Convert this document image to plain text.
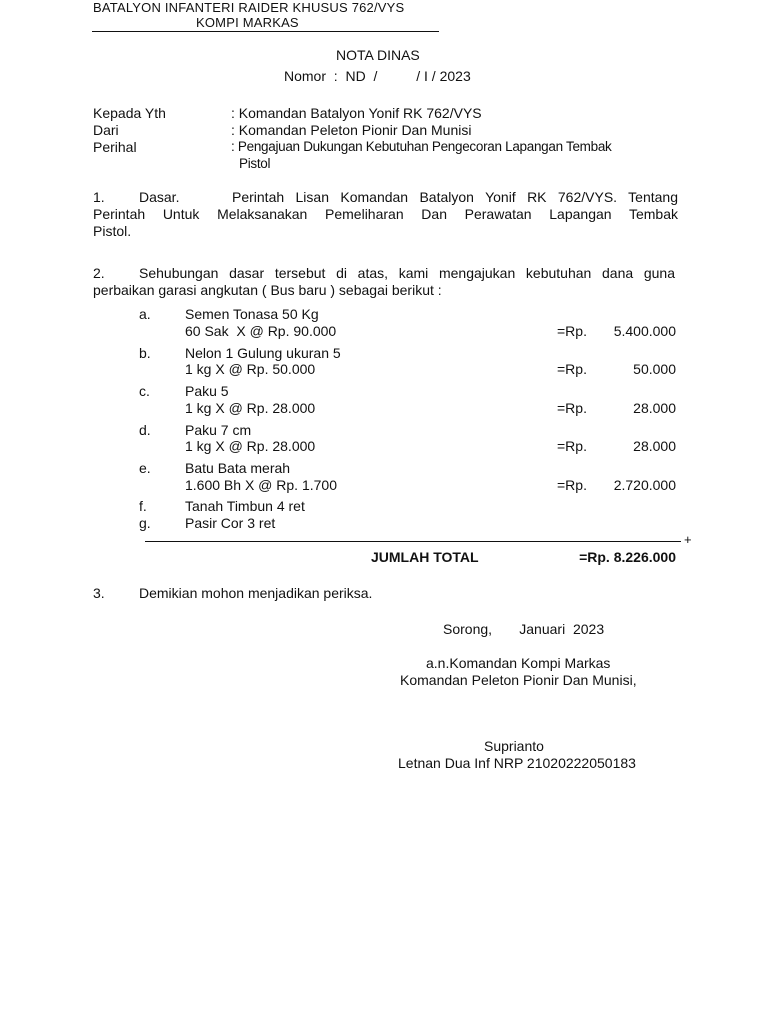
BATALYON INFANTERI RAIDER KHUSUS 762/VYS
KOMPI MARKAS
NOTA DINAS
Nomor  :  ND  /          / I / 2023
Kepada Yth	: Komandan Batalyon Yonif RK 762/VYS
Dari	: Komandan Peleton Pionir Dan Munisi
Perihal	: Pengajuan Dukungan Kebutuhan Pengecoran Lapangan Tembak
Pistol
1. Dasar.	Perintah Lisan Komandan Batalyon Yonif RK 762/VYS. Tentang
Perintah Untuk Melaksanakan Pemeliharan Dan Perawatan Lapangan Tembak
Pistol.
2. Sehubungan dasar tersebut di atas, kami mengajukan kebutuhan dana guna
perbaikan garasi angkutan ( Bus baru ) sebagai berikut :
a. Semen Tonasa 50 Kg
60 Sak  X @ Rp. 90.000	=Rp.	5.400.000
b. Nelon 1 Gulung ukuran 5
1 kg X @ Rp. 50.000	=Rp.	50.000
c.	Paku 5
1 kg X @ Rp. 28.000	=Rp.	28.000
d. Paku 7 cm
1 kg X @ Rp. 28.000	=Rp.	28.000
e. Batu Bata merah
1.600 Bh X @ Rp. 1.700	=Rp.	2.720.000
f.	Tanah Timbun 4 ret
g. Pasir Cor 3 ret
+
JUMLAH TOTAL	=Rp. 8.226.000
3. Demikian mohon menjadikan periksa.
Sorong,       Januari  2023
a.n.Komandan Kompi Markas
Komandan Peleton Pionir Dan Munisi,
Suprianto
Letnan Dua Inf NRP 21020222050183
